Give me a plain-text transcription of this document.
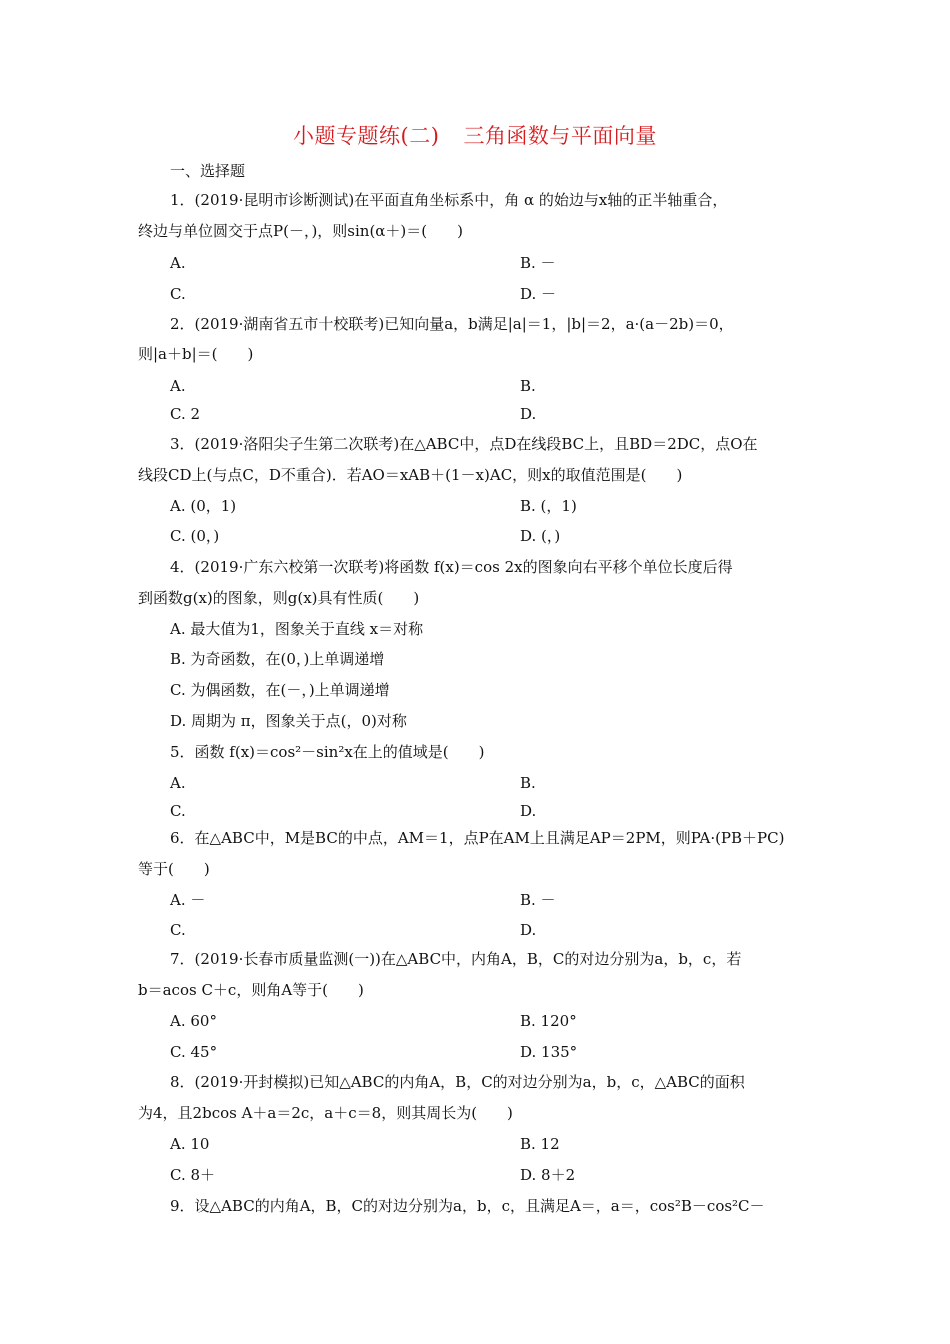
小题专题练(二) 三角函数与平面向量
一、选择题
1．(2019·昆明市诊断测试)在平面直角坐标系中，角 α 的始边与x轴的正半轴重合，
终边与单位圆交于点P(－，)，则sin(α＋)＝(　　)
A.	B. －
C.	D. －
2．(2019·湖南省五市十校联考)已知向量a，b满足|a|＝1，|b|＝2，a·(a－2b)＝0，
则|a＋b|＝(　　)
A.	B.
C. 2	D.
3．(2019·洛阳尖子生第二次联考)在△ABC中，点D在线段BC上，且BD＝2DC，点O在
线段CD上(与点C，D不重合)．若AO＝xAB＋(1－x)AC，则x的取值范围是(　　)
A. (0，1)	B. (，1)
C. (0，)	D. (，)
4．(2019·广东六校第一次联考)将函数 f(x)＝cos 2x的图象向右平移个单位长度后得
到函数g(x)的图象，则g(x)具有性质(　　)
A. 最大值为1，图象关于直线 x＝对称
B. 为奇函数，在(0，)上单调递增
C. 为偶函数，在(－，)上单调递增
D. 周期为 π，图象关于点(，0)对称
5．函数 f(x)＝cos²－sin²x在上的值域是(　　)
A.	B.
C.	D.
6．在△ABC中，M是BC的中点，AM＝1，点P在AM上且满足AP＝2PM，则PA·(PB＋PC)
等于(　　)
A. －	B. －
C.	D.
7．(2019·长春市质量监测(一))在△ABC中，内角A，B，C的对边分别为a，b，c，若
b＝acos C＋c，则角A等于(　　)
A. 60°	B. 120°
C. 45°	D. 135°
8．(2019·开封模拟)已知△ABC的内角A，B，C的对边分别为a，b，c，△ABC的面积
为4，且2bcos A＋a＝2c，a＋c＝8，则其周长为(　　)
A. 10	B. 12
C. 8＋	D. 8＋2
9．设△ABC的内角A，B，C的对边分别为a，b，c，且满足A＝，a＝，cos²B－cos²C－
